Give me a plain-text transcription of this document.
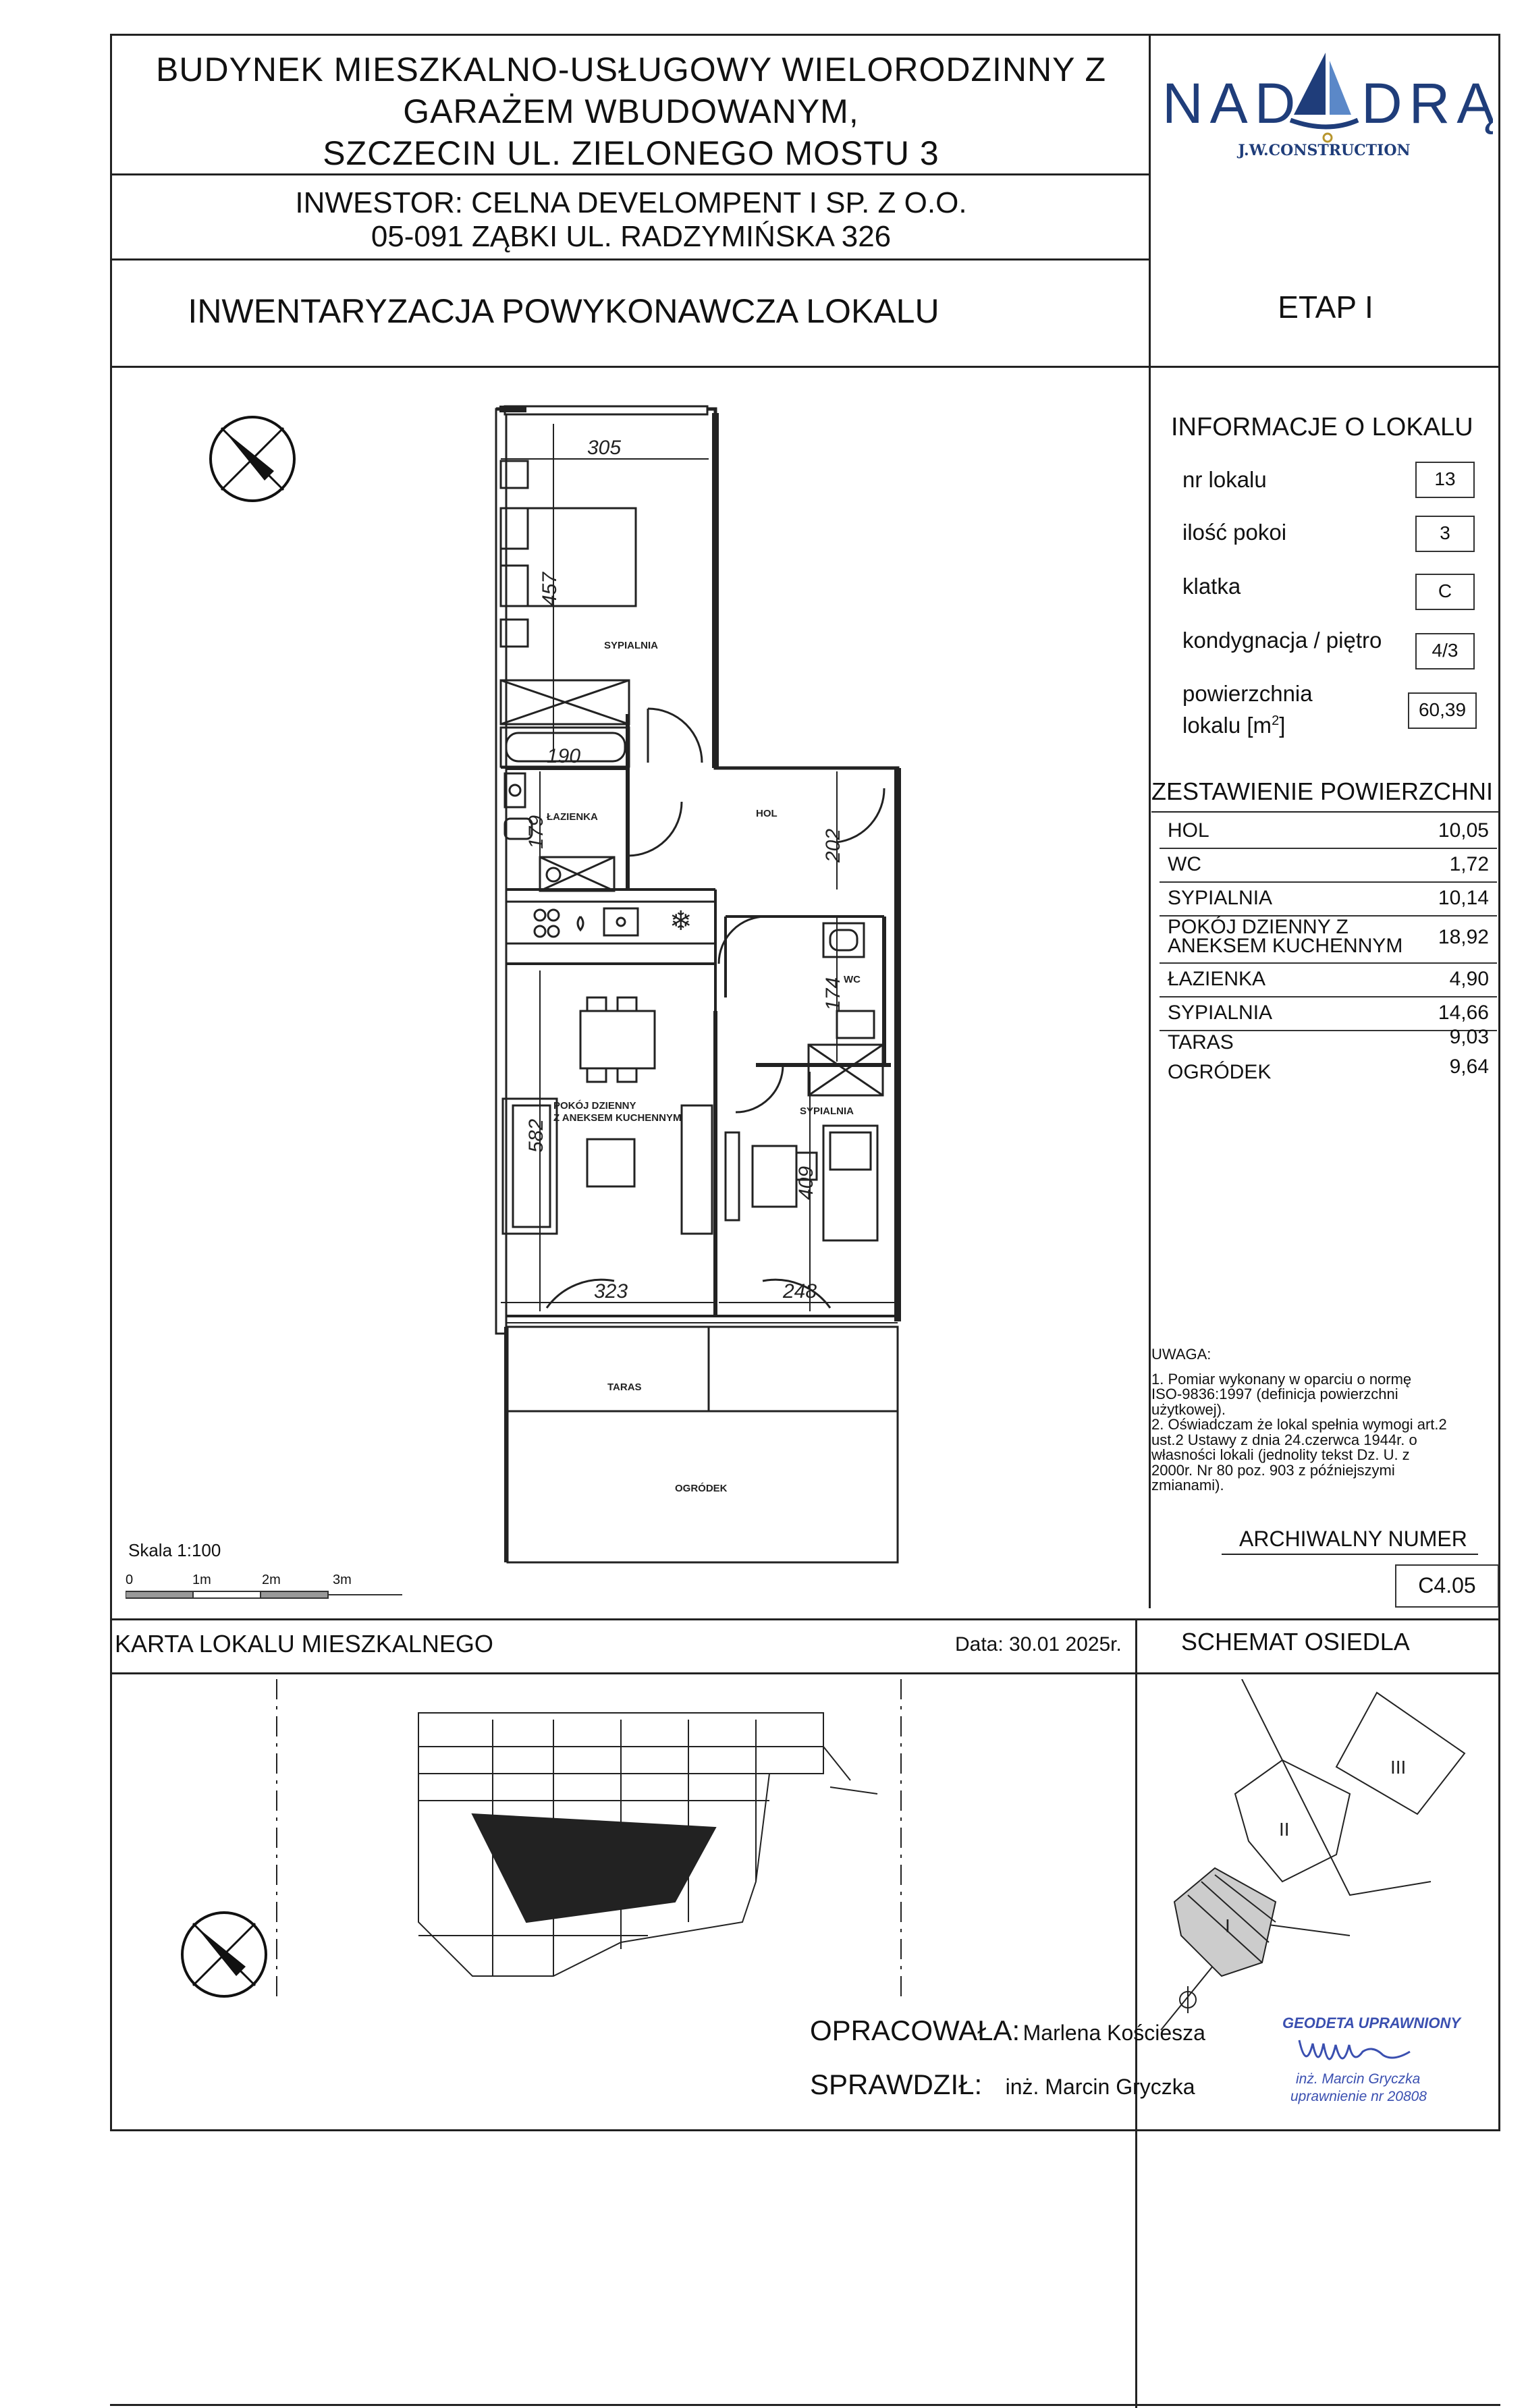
BUDYNEK MIESZKALNO-USŁUGOWY WIELORODZINNY Z
GARAŻEM WBUDOWANYM,
SZCZECIN UL. ZIELONEGO MOSTU 3
NAD DRĄ
J.W.CONSTRUCTION
INWESTOR: CELNA DEVELOMPENT I SP. Z O.O.
05-091 ZĄBKI UL. RADZYMIŃSKA 326
INWENTARYZACJA POWYKONAWCZA LOKALU	ETAP I
INFORMACJE O LOKALU
nr lokalu	13
ilość pokoi	3
klatka	C
kondygnacja / piętro	4/3
powierzchnia
lokalu $[m^2]$
60,39
ZESTAWIENIE POWIERZCHNI
HOL	10,05
WC	1,72
SYPIALNIA	10,14
POKÓJ DZIENNY Z
ANEKSEM KUCHENNYM 18,92
ŁAZIENKA	4,90
SYPIALNIA	14,66
TARAS	9,03
OGRÓDEK	9,64
UWAGA:
1. Pomiar wykonany w oparciu o normę
ISO-9836:1997 (definicja powierzchni
użytkowej).
2. Oświadczam że lokal spełnia wymogi art.2
ust.2 Ustawy z dnia 24.czerwca 1944r. o
własności lokali (jednolity tekst Dz. U. z
2000r. Nr 80 poz. 903 z późniejszymi
zmianami).
ARCHIWALNY NUMER
C4.05
❄
305
457
190
179	202
174
582
409
323	248
SYPIALNIA
ŁAZIENKA	HOL
WC
POKÓJ DZIENNY
Z ANEKSEM KUCHENNYM
SYPIALNIA
TARAS
OGRÓDEK
Skala 1:100
0	1m	2m	3m
KARTA LOKALU MIESZKALNEGO	Data: 30.01 2025r. SCHEMAT OSIEDLA
III
II
I
OPRACOWAŁA: Marlena Kościesza
SPRAWDZIŁ: inż. Marcin Gryczka
GEODETA UPRAWNIONY
inż. Marcin Gryczka
uprawnienie nr 20808
